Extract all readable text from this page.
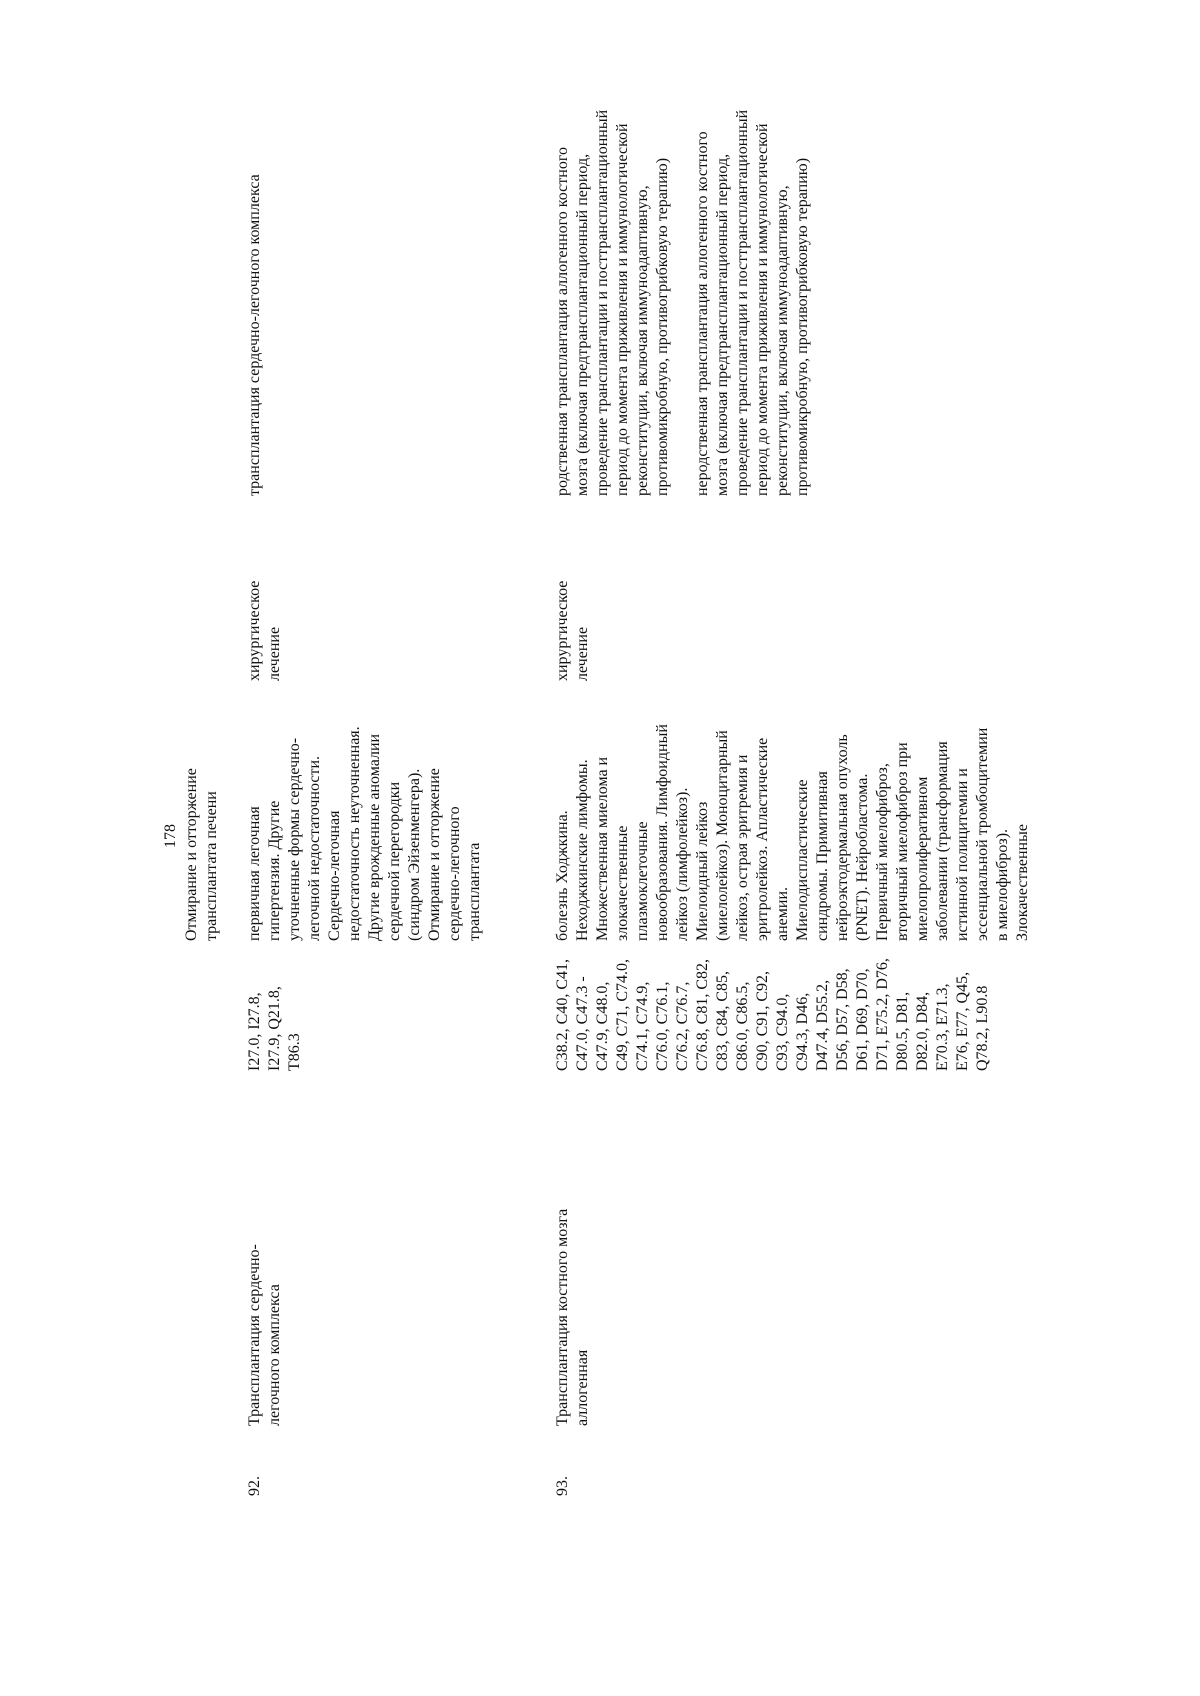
178 Отмирание и отторжение трансплантата печени
92.
Трансплантация сердечно- легочного комплекса
I27.0, I27.8, I27.9, Q21.8, T86.3
первичная легочная гипертензия. Другие уточненные формы сердечно- легочной недостаточности. Сердечно-легочная недостаточность неуточненная. Другие врожденные аномалии сердечной перегородки (синдром Эйзенменгера). Отмирание и отторжение сердечно-легочного трансплантата
хирургическое лечение
трансплантация сердечно-легочного комплекса
93.
Трансплантация костного мозга аллогенная
C38.2, C40, C41, C47.0, C47.3 - C47.9, C48.0, C49, C71, C74.0, C74.1, C74.9, C76.0, C76.1, C76.2, C76.7, C76.8, C81, C82, C83, C84, C85, C86.0, C86.5, C90, C91, C92, C93, C94.0, C94.3, D46, D47.4, D55.2, D56, D57, D58, D61, D69, D70, D71, E75.2, D76, D80.5, D81, D82.0, D84, E70.3, E71.3, E76, E77, Q45, Q78.2, L90.8
болезнь Ходжкина. Неходжкинские лимфомы. Множественная миелома и злокачественные плазмоклеточные новообразования. Лимфоидный лейкоз (лимфолейкоз). Миелоидный лейкоз (миелолейкоз). Моноцитарный лейкоз, острая эритремия и эритролейкоз. Апластические анемии. Миелодиспластические синдромы. Примитивная нейроэктодермальная опухоль (PNET). Нейробластома. Первичный миелофиброз, вторичный миелофиброз при миелопролиферативном заболевании (трансформация истинной полицитемии и эссенциальной тромбоцитемии в миелофиброз). Злокачественные
хирургическое лечение
родственная трансплантация аллогенного костного мозга (включая предтрансплантационный период, проведение трансплантации и посттрансплантационный период до момента приживления и иммунологической реконституции, включая иммуноадаптивную, противомикробную, противогрибковую терапию) неродственная трансплантация аллогенного костного мозга (включая предтрансплантационный период, проведение трансплантации и посттрансплантационный период до момента приживления и иммунологической реконституции, включая иммуноадаптивную, противомикробную, противогрибковую терапию)
